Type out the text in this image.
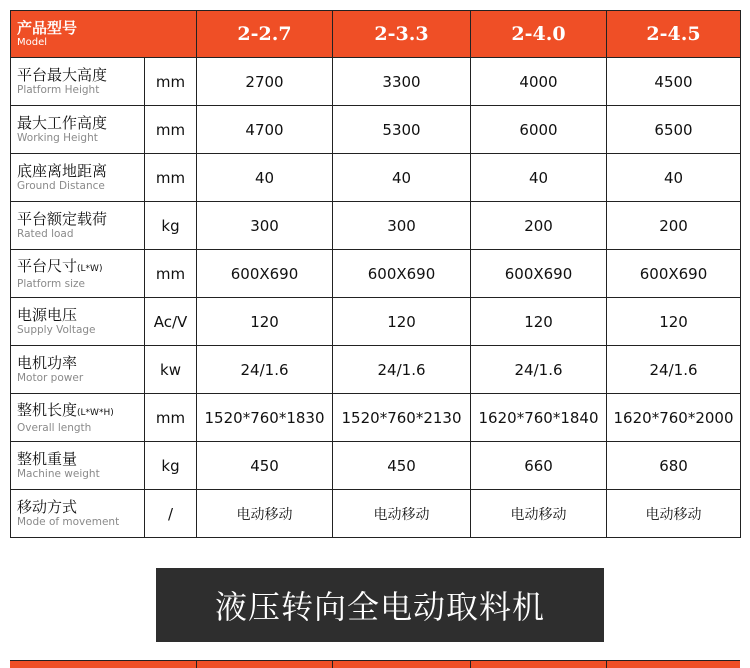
产品型号
Model		2-2.7	2-3.3	2-4.0	2-4.5

平台最大高度
Platform Height	mm	2700	3300	4000	4500

最大工作高度
Working Height	mm	4700	5300	6000	6500

底座离地距离
Ground Distance	mm	40	40	40	40

平台额定载荷
Rated load	kg	300	300	200	200

平台尺寸(L*W)
Platform size	mm	600X690	600X690	600X690	600X690

电源电压
Supply Voltage	Ac/V	120	120	120	120

电机功率
Motor power	kw	24/1.6	24/1.6	24/1.6	24/1.6

整机长度(L*W*H)
Overall length	mm	1520*760*1830	1520*760*2130	1620*760*1840	1620*760*2000

整机重量
Machine weight	kg	450	450	660	680

移动方式
Mode of movement	/	电动移动	电动移动	电动移动	电动移动
液压转向全电动取料机
